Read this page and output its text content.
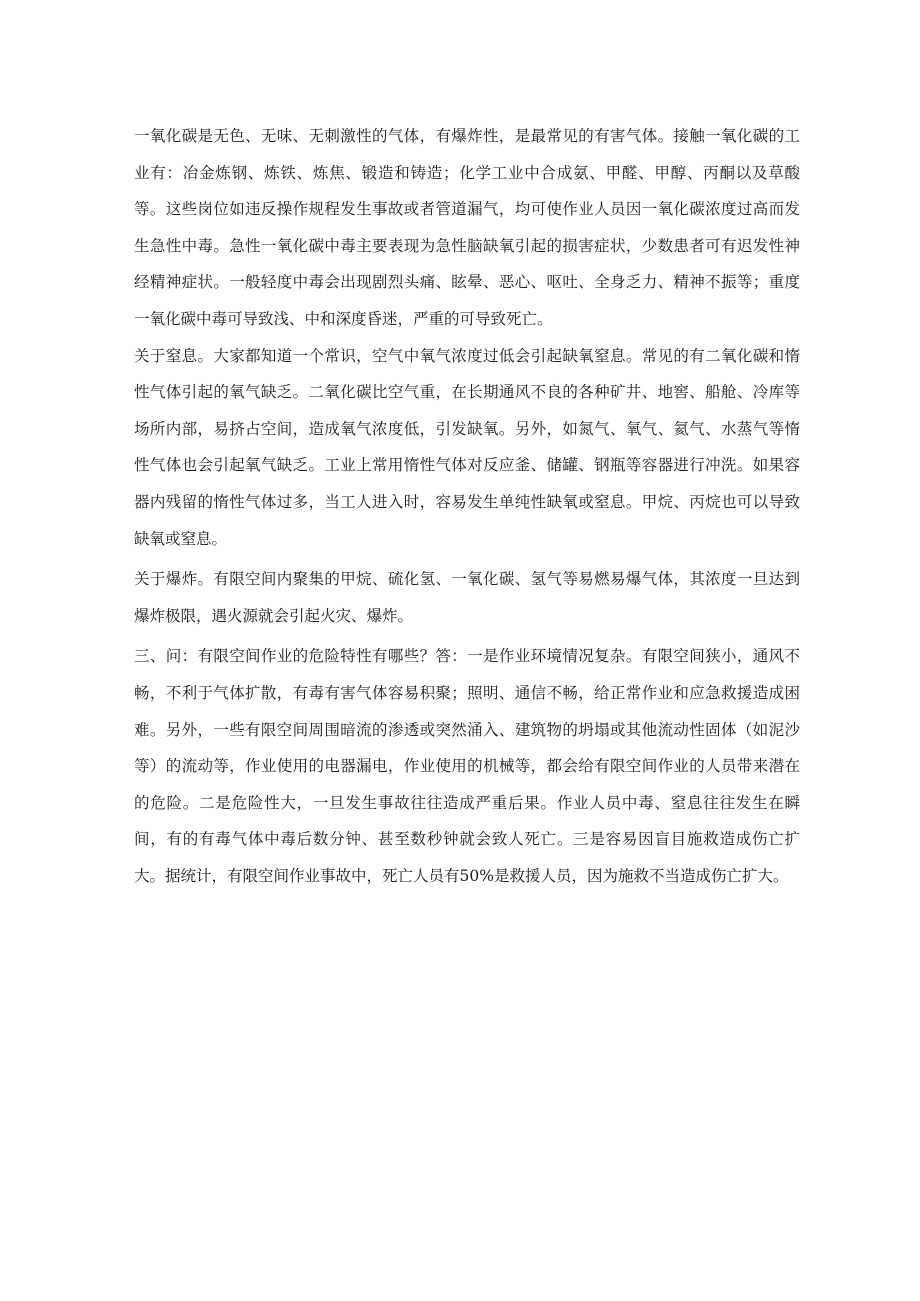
一氧化碳是无色、无味、无刺激性的气体，有爆炸性，是最常见的有害气体。接触一氧化碳的工业有：冶金炼钢、炼铁、炼焦、锻造和铸造；化学工业中合成氨、甲醛、甲醇、丙酮以及草酸等。这些岗位如违反操作规程发生事故或者管道漏气，均可使作业人员因一氧化碳浓度过高而发生急性中毒。急性一氧化碳中毒主要表现为急性脑缺氧引起的损害症状，少数患者可有迟发性神经精神症状。一般轻度中毒会出现剧烈头痛、眩晕、恶心、呕吐、全身乏力、精神不振等；重度一氧化碳中毒可导致浅、中和深度昏迷，严重的可导致死亡。

关于窒息。大家都知道一个常识，空气中氧气浓度过低会引起缺氧窒息。常见的有二氧化碳和惰性气体引起的氧气缺乏。二氧化碳比空气重，在长期通风不良的各种矿井、地窖、船舱、冷库等场所内部，易挤占空间，造成氧气浓度低，引发缺氧。另外，如氮气、氧气、氦气、水蒸气等惰性气体也会引起氧气缺乏。工业上常用惰性气体对反应釜、储罐、钢瓶等容器进行冲洗。如果容器内残留的惰性气体过多，当工人进入时，容易发生单纯性缺氧或窒息。甲烷、丙烷也可以导致缺氧或窒息。

关于爆炸。有限空间内聚集的甲烷、硫化氢、一氧化碳、氢气等易燃易爆气体，其浓度一旦达到爆炸极限，遇火源就会引起火灾、爆炸。

三、问：有限空间作业的危险特性有哪些？答：一是作业环境情况复杂。有限空间狭小，通风不畅，不利于气体扩散，有毒有害气体容易积聚；照明、通信不畅，给正常作业和应急救援造成困难。另外，一些有限空间周围暗流的渗透或突然涌入、建筑物的坍塌或其他流动性固体（如泥沙等）的流动等，作业使用的电器漏电，作业使用的机械等，都会给有限空间作业的人员带来潜在的危险。二是危险性大，一旦发生事故往往造成严重后果。作业人员中毒、窒息往往发生在瞬间，有的有毒气体中毒后数分钟、甚至数秒钟就会致人死亡。三是容易因盲目施救造成伤亡扩大。据统计，有限空间作业事故中，死亡人员有50%是救援人员，因为施救不当造成伤亡扩大。
